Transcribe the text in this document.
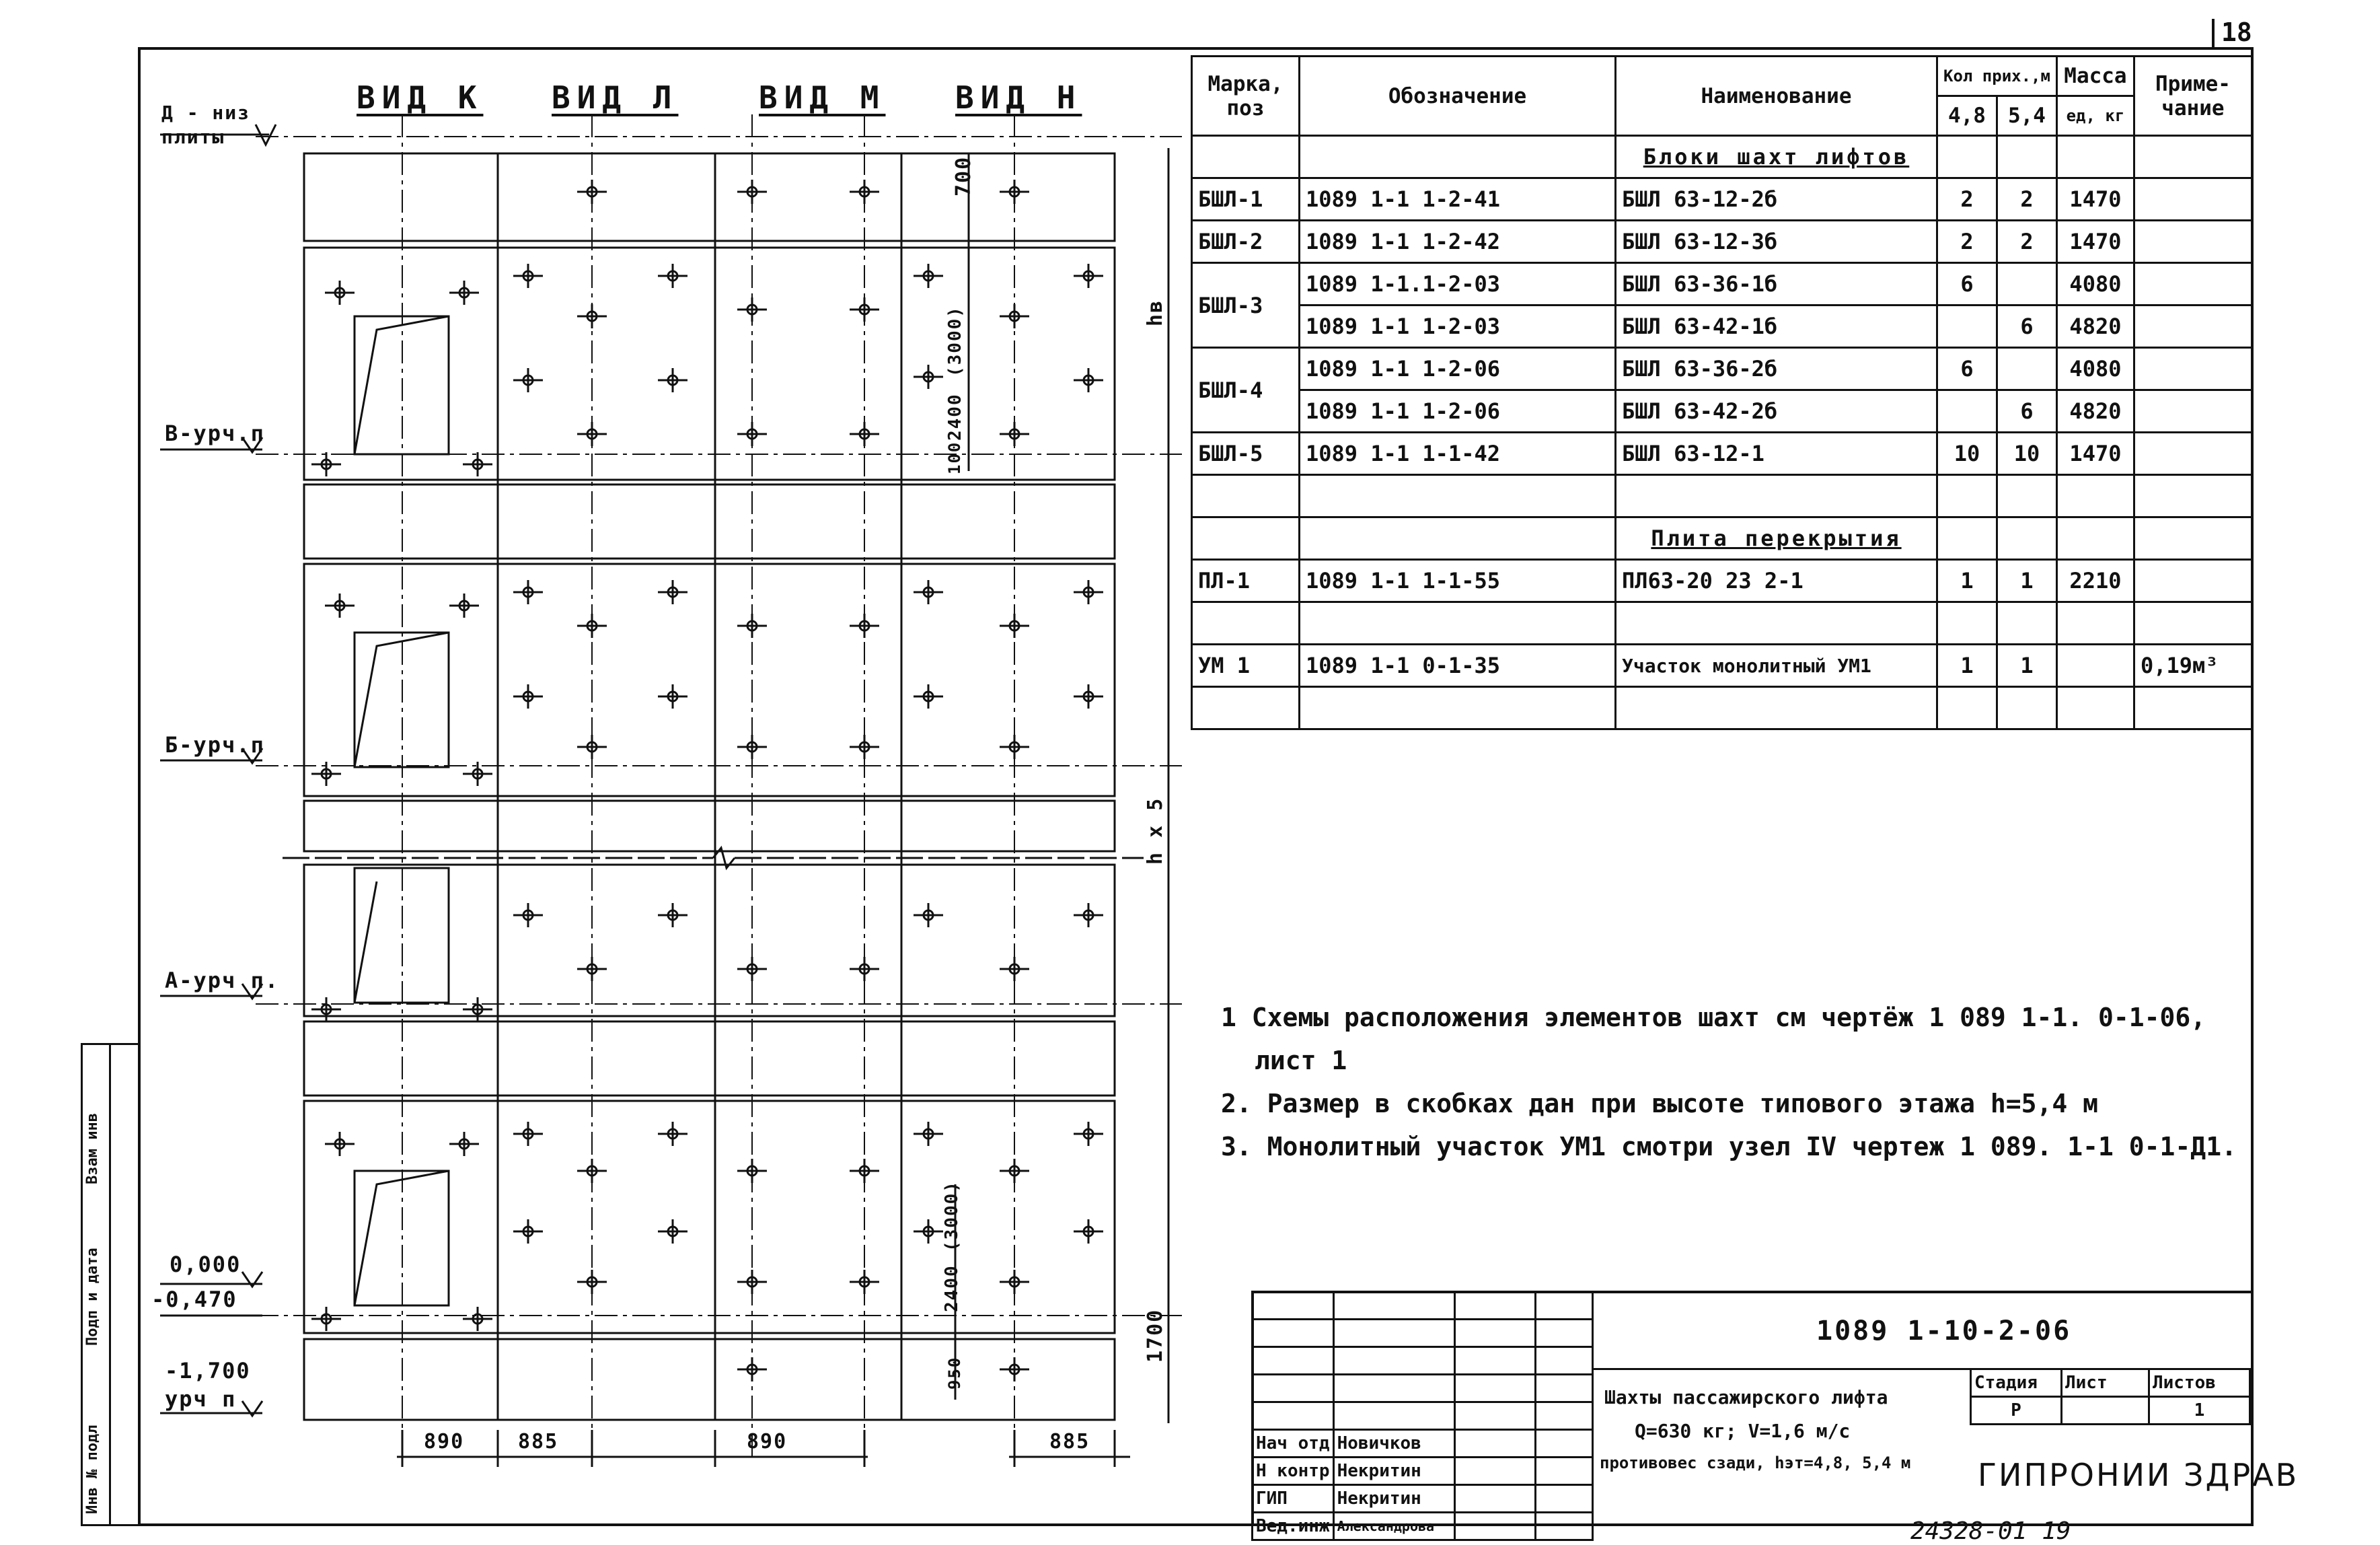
18
Взам инв
Подп и дата
Инв № подл
ВИД К ВИД Л	ВИД М ВИД Н
Д - низ плиты
В-урч.п
Б-урч.п
А-урч п.
0,000
-0,470
-1,700
урч п
700
hв
h x 5
1700
(3000)
2400
100
(3000)
2400
950
890	885	890	885
Марка, поз	Обозначение	Наименование	Кол прих.,м		Масса	Приме-чание
			4,8	5,4	ед, кг	
		Блоки шахт лифтов				
БШЛ-1	1089 1-1 1-2-41	БШЛ 63-12-2б	2	2	1470	
БШЛ-2	1089 1-1 1-2-42	БШЛ 63-12-3б	2	2	1470	
БШЛ-3	1089 1-1.1-2-03	БШЛ 63-36-1б	6		4080	
	1089 1-1 1-2-03	БШЛ 63-42-1б		6	4820	
БШЛ-4	1089 1-1 1-2-06	БШЛ 63-36-2б	6		4080	
	1089 1-1 1-2-06	БШЛ 63-42-2б		6	4820	
БШЛ-5	1089 1-1 1-1-42	БШЛ 63-12-1	10	10	1470	

		Плита перекрытия				
ПЛ-1	1089 1-1 1-1-55	ПЛ63-20 23 2-1	1	1	2210	

УМ 1	1089 1-1 0-1-35	Участок монолитный УМ1	1	1		0,19м³

1 Схемы расположения элементов шахт см чертёж 1 089 1-1. 0-1-06,
лист 1
2. Размер в скобках дан при высоте типового этажа h=5,4 м
3. Монолитный участок УМ1 смотри узел IV чертеж 1 089. 1-1 0-1-Д1.

Нач отд	Новичков		
Н контр	Некритин		
ГИП	Некритин		
Вед.инж	Александрова		
1089 1-10-2-06
Шахты пассажирского лифта
Q=630 кг; V=1,6 м/с
противовес сзади, hэт=4,8, 5,4 м
Стадия	Лист	Листов
Р		1
ГИПРОНИИ ЗДРАВ
24328-01 19
